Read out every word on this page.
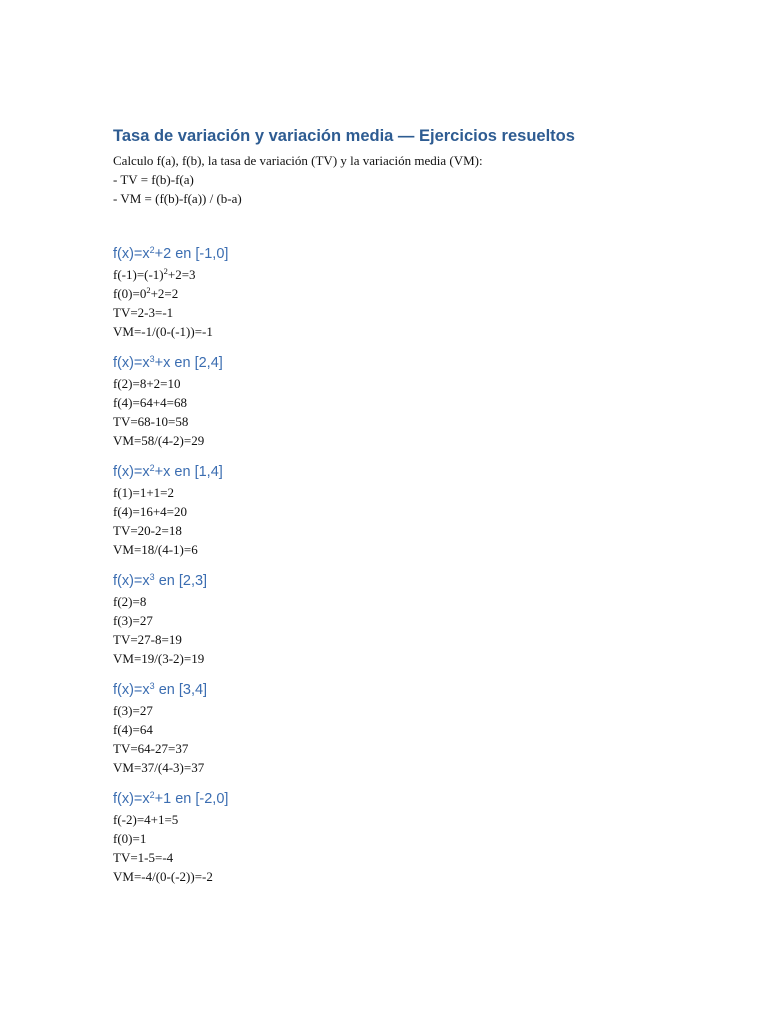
Tasa de variación y variación media — Ejercicios resueltos

Calculo f(a), f(b), la tasa de variación (TV) y la variación media (VM):

- TV = f(b)-f(a)

- VM = (f(b)-f(a)) / (b-a)

$f(x)=x^2+2$ en [-1,0]

$f(-1)=(-1)^2+2=3$

$f(0)=0^2+2=2$

TV=2-3=-1

VM=-1/(0-(-1))=-1

$f(x)=x^3+x$ en [2,4]

f(2)=8+2=10

f(4)=64+4=68

TV=68-10=58

VM=58/(4-2)=29

$f(x)=x^2+x$ en [1,4]

f(1)=1+1=2

f(4)=16+4=20

TV=20-2=18

VM=18/(4-1)=6

$f(x)=x^3$ en [2,3]

f(2)=8

f(3)=27

TV=27-8=19

VM=19/(3-2)=19

$f(x)=x^3$ en [3,4]

f(3)=27

f(4)=64

TV=64-27=37

VM=37/(4-3)=37

$f(x)=x^2+1$ en [-2,0]

f(-2)=4+1=5

f(0)=1

TV=1-5=-4

VM=-4/(0-(-2))=-2
